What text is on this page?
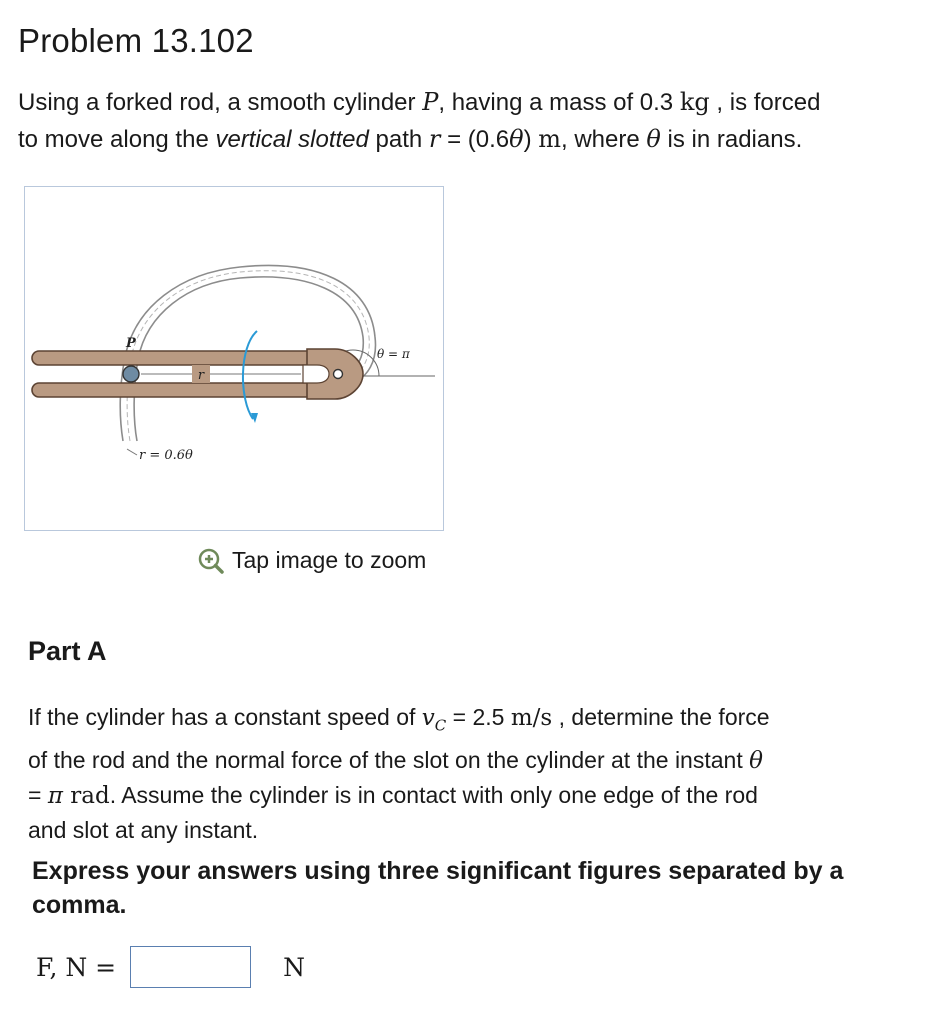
Problem 13.102
Using a forked rod, a smooth cylinder P, having a mass of 0.3 kg , is forced
to move along the vertical slotted path r = (0.6θ) m, where θ is in radians.
r
P
θ = π
r = 0.6θ
Tap image to zoom
Part A
If the cylinder has a constant speed of $v_C = 2.5$ m/s , determine the force
of the rod and the normal force of the slot on the cylinder at the instant θ
= π rad. Assume the cylinder is in contact with only one edge of the rod
and slot at any instant.
Express your answers using three significant figures separated by a comma.
F, N =	N
